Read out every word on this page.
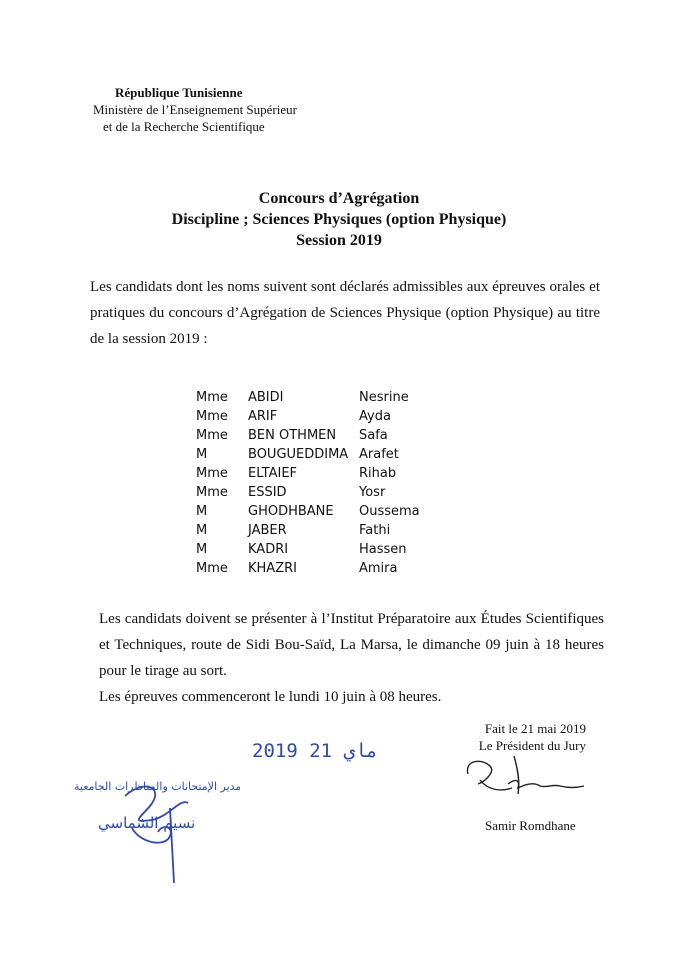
République Tunisienne
Ministère de l’Enseignement Supérieur
et de la Recherche Scientifique
Concours d’Agrégation
Discipline ; Sciences Physiques (option Physique)
Session 2019
Les candidats dont les noms suivent sont déclarés admissibles aux épreuves orales et pratiques du concours d’Agrégation de Sciences Physique (option Physique) au titre de la session 2019 :
Mme	ABIDI	Nesrine
Mme	ARIF	Ayda
Mme	BEN OTHMEN	Safa
M	BOUGUEDDIMA	Arafet
Mme	ELTAIEF	Rihab
Mme	ESSID	Yosr
M	GHODHBANE	Oussema
M	JABER	Fathi
M	KADRI	Hassen
Mme	KHAZRI	Amira

Les candidats doivent se présenter à l’Institut Préparatoire aux Études Scientifiques et Techniques, route de Sidi Bou-Saïd, La Marsa, le dimanche 09 juin à 18 heures pour le tirage au sort.

Les épreuves commenceront le lundi 10 juin à 08 heures.

2019 ماي 21
مدير الإمتحانات والمناظرات الجامعية
نسيم الشماسي
Fait le 21 mai 2019
Le Président du Jury
Samir Romdhane
